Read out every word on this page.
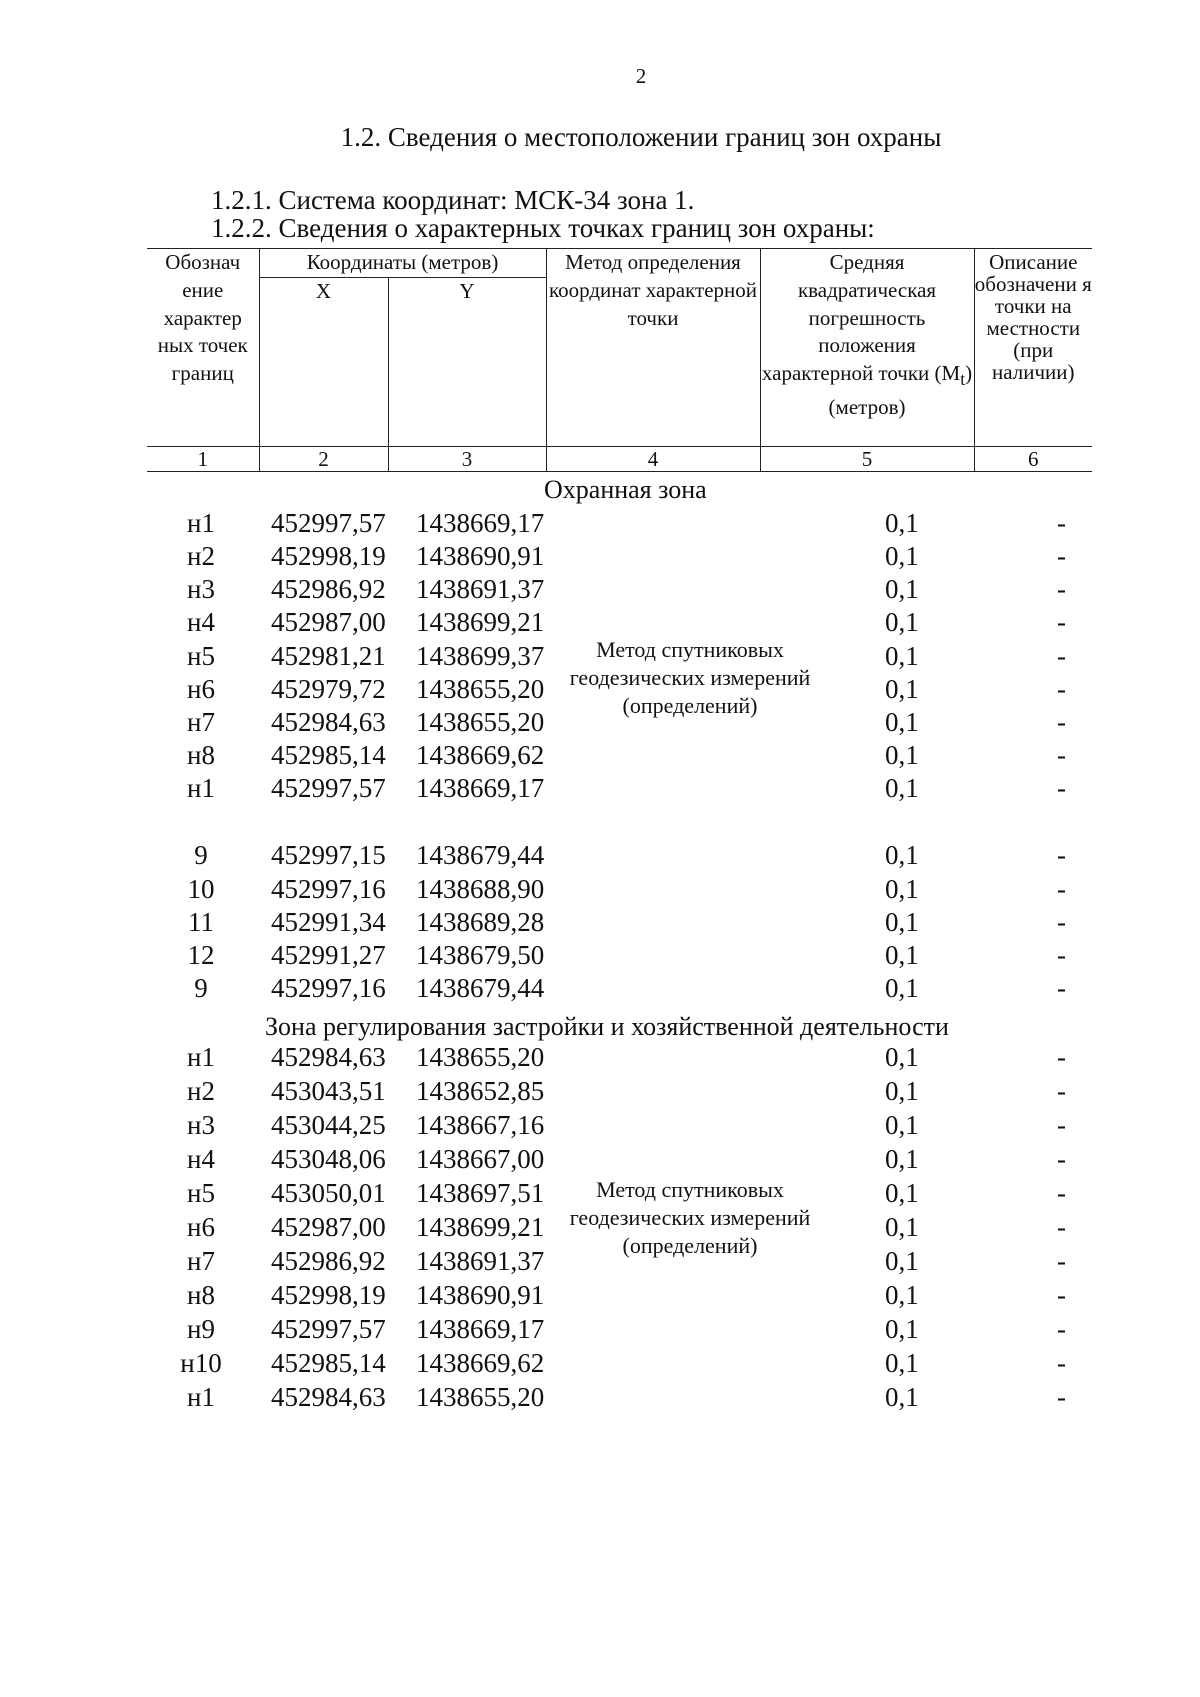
2
1.2. Сведения о местоположении границ зон охраны
1.2.1. Система координат: МСК-34 зона 1.
1.2.2. Сведения о характерных точках границ зон охраны:
Обознач ение характер ных точек границ	Координаты (метров)		Метод определения координат характерной точки	Средняя квадратическая погрешность положения характерной точки $(M_t)$ (метров)	Описание обозначени я точки на местности (при наличии)
	X	Y			
1	2	3	4	5	6
Охранная зона
Метод спутниковых геодезических измерений (определений)
н1	452997,57 1438669,17	0,1	-
н2	452998,19 1438690,91	0,1	-
н3	452986,92 1438691,37	0,1	-
н4	452987,00 1438699,21	0,1	-
н5	452981,21 1438699,37	0,1	-
н6	452979,72 1438655,20	0,1	-
н7	452984,63 1438655,20	0,1	-
н8	452985,14 1438669,62	0,1	-
н1	452997,57 1438669,17	0,1	-
9	452997,15 1438679,44	0,1	-
10	452997,16 1438688,90	0,1	-
11	452991,34 1438689,28	0,1	-
12	452991,27 1438679,50	0,1	-
9	452997,16 1438679,44	0,1	-
Зона регулирования застройки и хозяйственной деятельности
Метод спутниковых геодезических измерений (определений)
н1	452984,63 1438655,20	0,1	-
н2	453043,51 1438652,85	0,1	-
н3	453044,25 1438667,16	0,1	-
н4	453048,06 1438667,00	0,1	-
н5	453050,01 1438697,51	0,1	-
н6	452987,00 1438699,21	0,1	-
н7	452986,92 1438691,37	0,1	-
н8	452998,19 1438690,91	0,1	-
н9	452997,57 1438669,17	0,1	-
н10 452985,14 1438669,62	0,1	-
н1	452984,63 1438655,20	0,1	-
